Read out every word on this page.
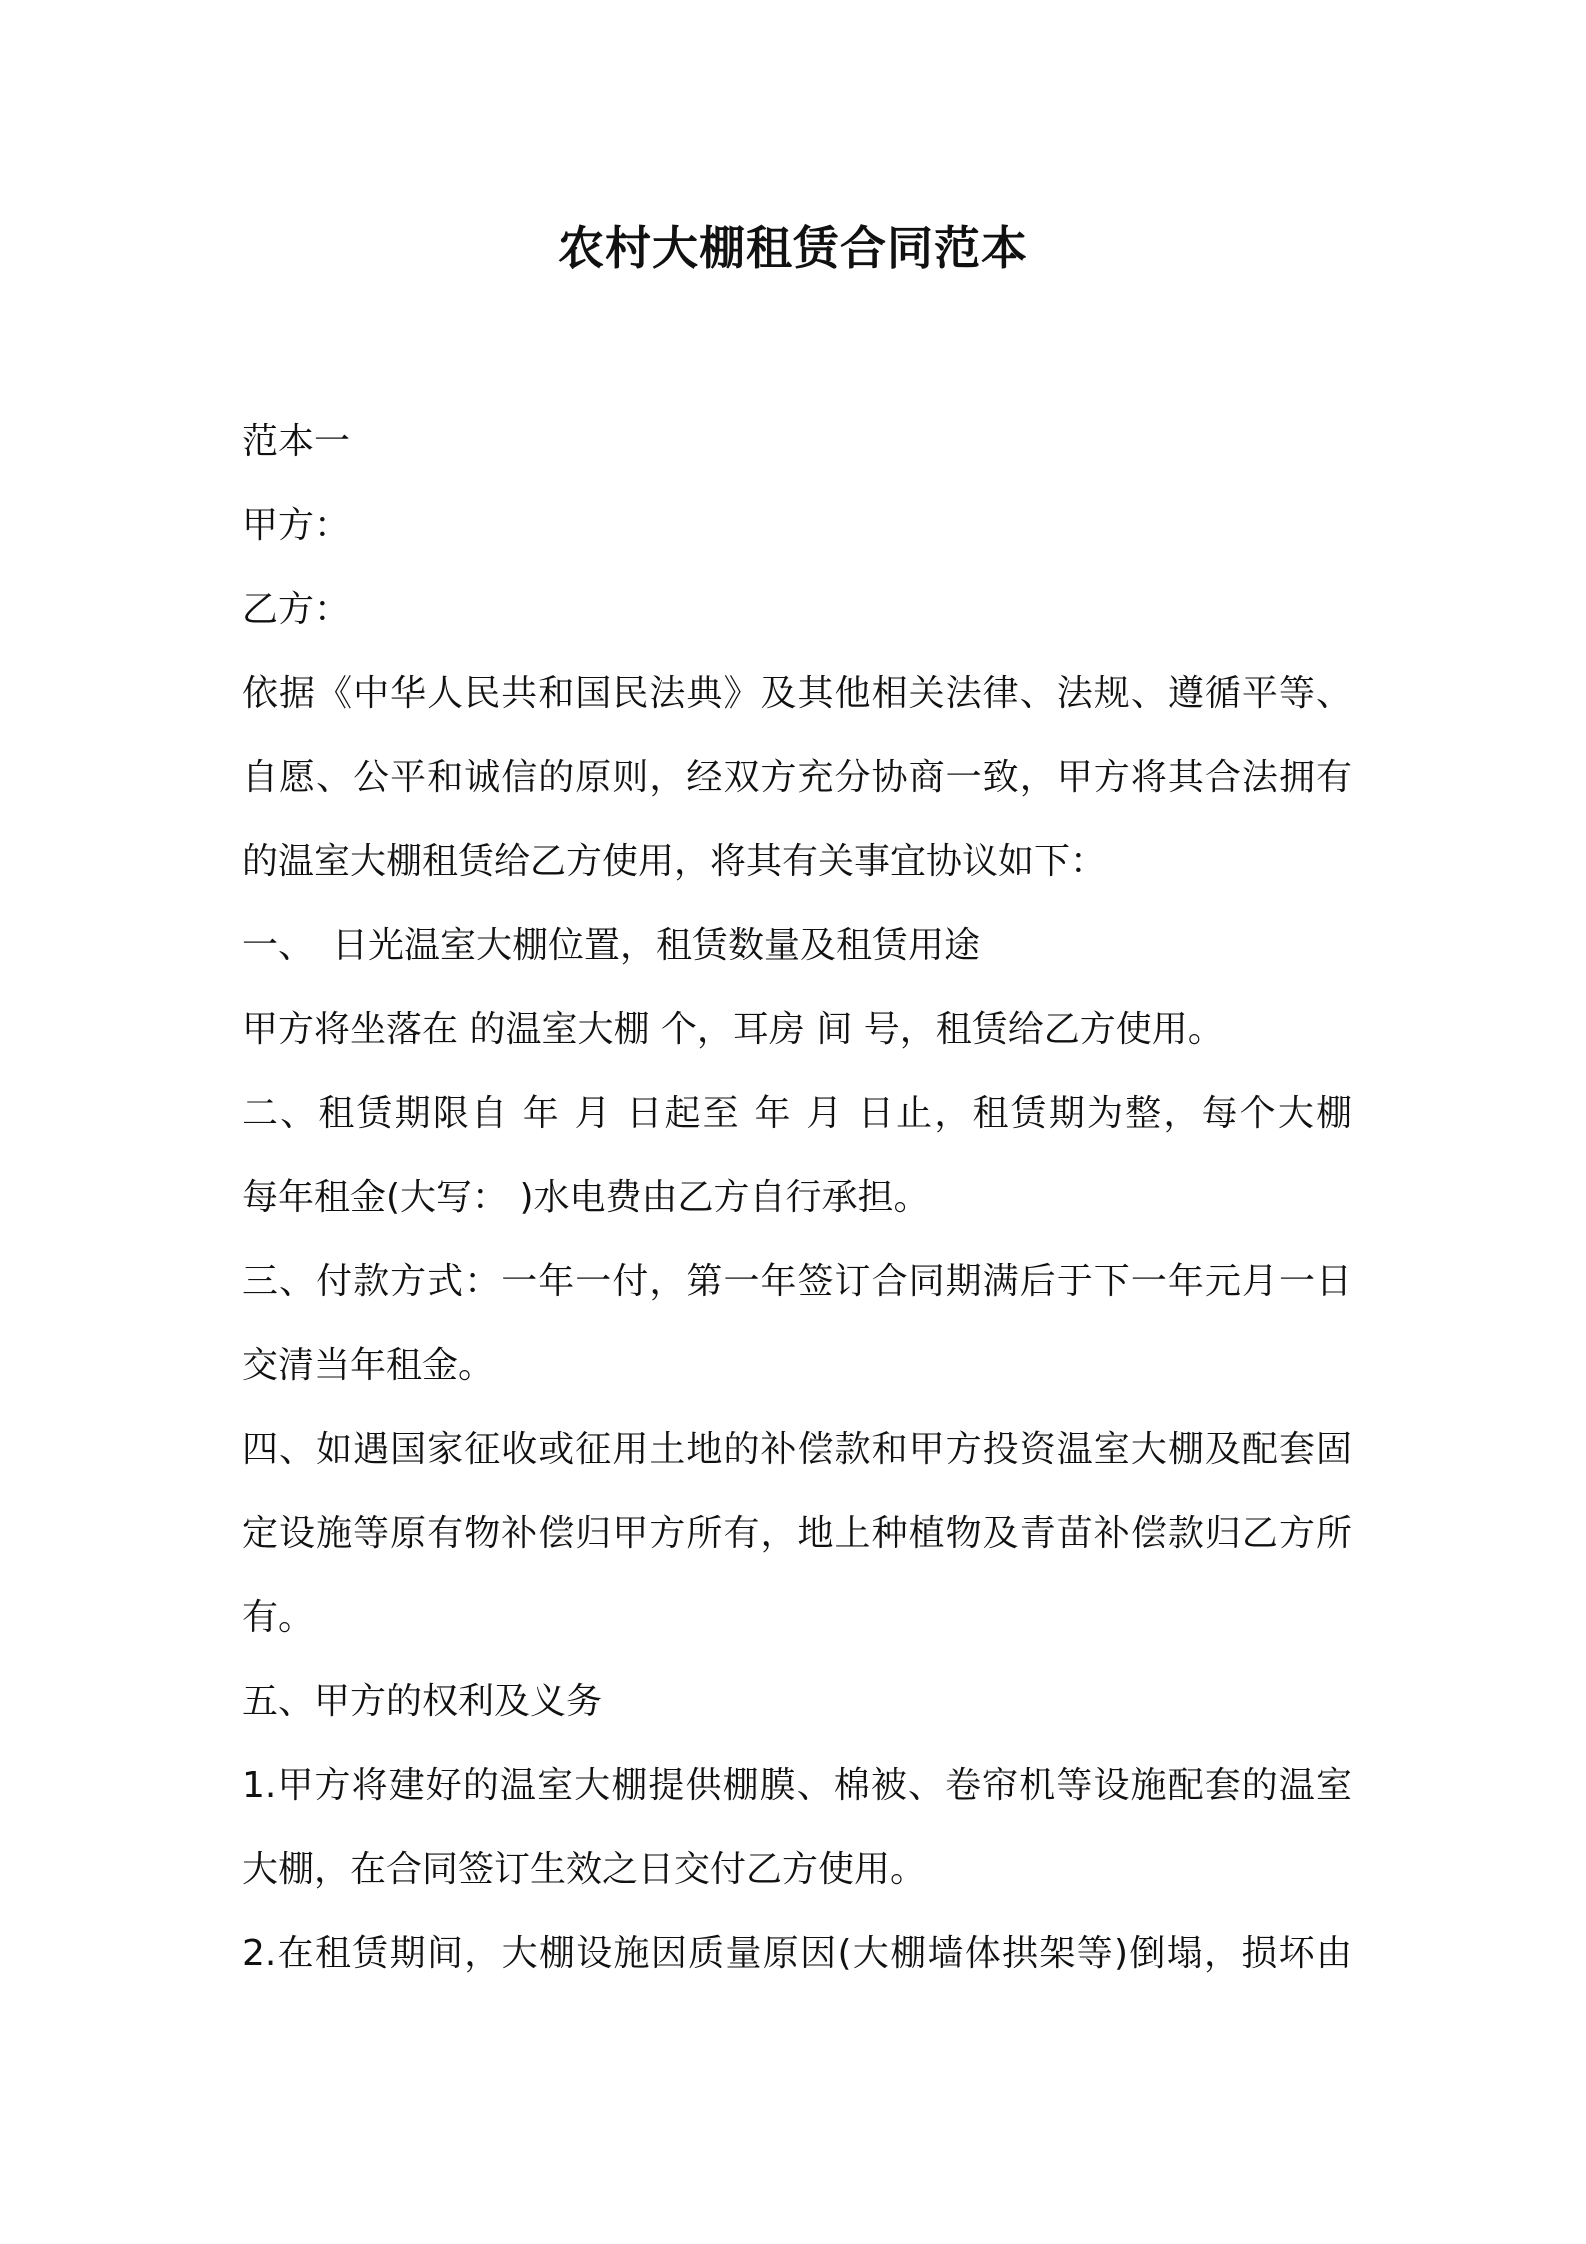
农村大棚租赁合同范本

范本一

甲方：

乙方：

依据《中华人民共和国民法典》及其他相关法律、法规、遵循平等、

自愿、公平和诚信的原则，经双方充分协商一致，甲方将其合法拥有

的温室大棚租赁给乙方使用，将其有关事宜协议如下：

一、　日光温室大棚位置，租赁数量及租赁用途

甲方将坐落在 的温室大棚 个，耳房 间 号，租赁给乙方使用。

二、租赁期限自 年 月 日起至 年 月 日止，租赁期为整，每个大棚

每年租金(大写： )水电费由乙方自行承担。

三、付款方式：一年一付，第一年签订合同期满后于下一年元月一日

交清当年租金。

四、如遇国家征收或征用土地的补偿款和甲方投资温室大棚及配套固

定设施等原有物补偿归甲方所有，地上种植物及青苗补偿款归乙方所

有。

五、甲方的权利及义务

1.甲方将建好的温室大棚提供棚膜、棉被、卷帘机等设施配套的温室

大棚，在合同签订生效之日交付乙方使用。

2.在租赁期间，大棚设施因质量原因(大棚墙体拱架等)倒塌，损坏由
